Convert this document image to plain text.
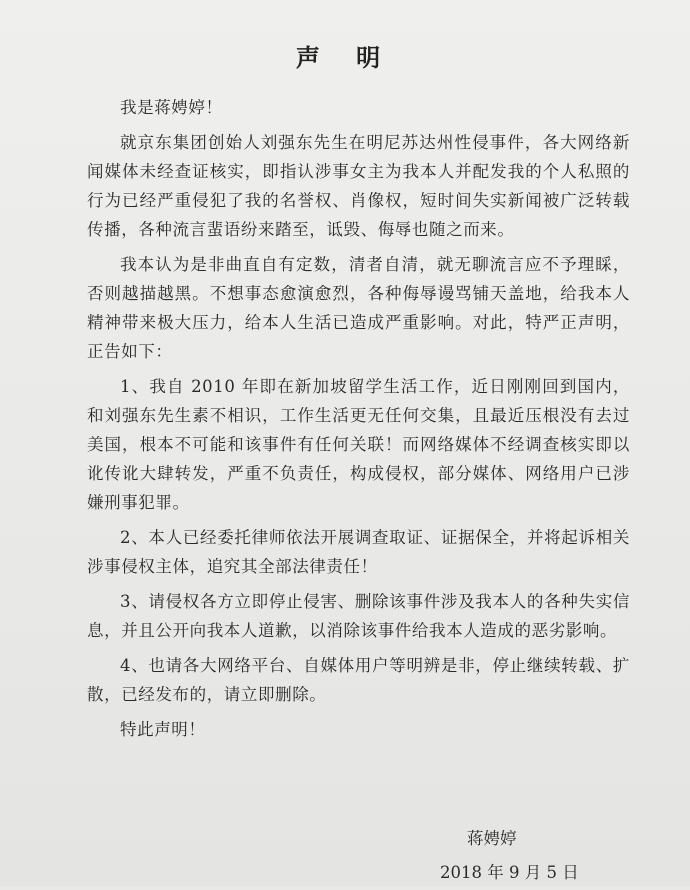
声 明

我是蒋娉婷！

就京东集团创始人刘强东先生在明尼苏达州性侵事件，各大网络新闻媒体未经查证核实，即指认涉事女主为我本人并配发我的个人私照的行为已经严重侵犯了我的名誉权、肖像权，短时间失实新闻被广泛转载传播，各种流言蜚语纷来踏至，诋毁、侮辱也随之而来。

我本认为是非曲直自有定数，清者自清，就无聊流言应不予理睬，否则越描越黑。不想事态愈演愈烈，各种侮辱谩骂铺天盖地，给我本人精神带来极大压力，给本人生活已造成严重影响。对此，特严正声明，正告如下：

1、我自 2010 年即在新加坡留学生活工作，近日刚刚回到国内，和刘强东先生素不相识，工作生活更无任何交集，且最近压根没有去过美国，根本不可能和该事件有任何关联！而网络媒体不经调查核实即以讹传讹大肆转发，严重不负责任，构成侵权，部分媒体、网络用户已涉嫌刑事犯罪。

2、本人已经委托律师依法开展调查取证、证据保全，并将起诉相关涉事侵权主体，追究其全部法律责任！

3、请侵权各方立即停止侵害、删除该事件涉及我本人的各种失实信息，并且公开向我本人道歉，以消除该事件给我本人造成的恶劣影响。

4、也请各大网络平台、自媒体用户等明辨是非，停止继续转载、扩散，已经发布的，请立即删除。

特此声明！

蒋娉婷
2018 年 9 月 5 日
